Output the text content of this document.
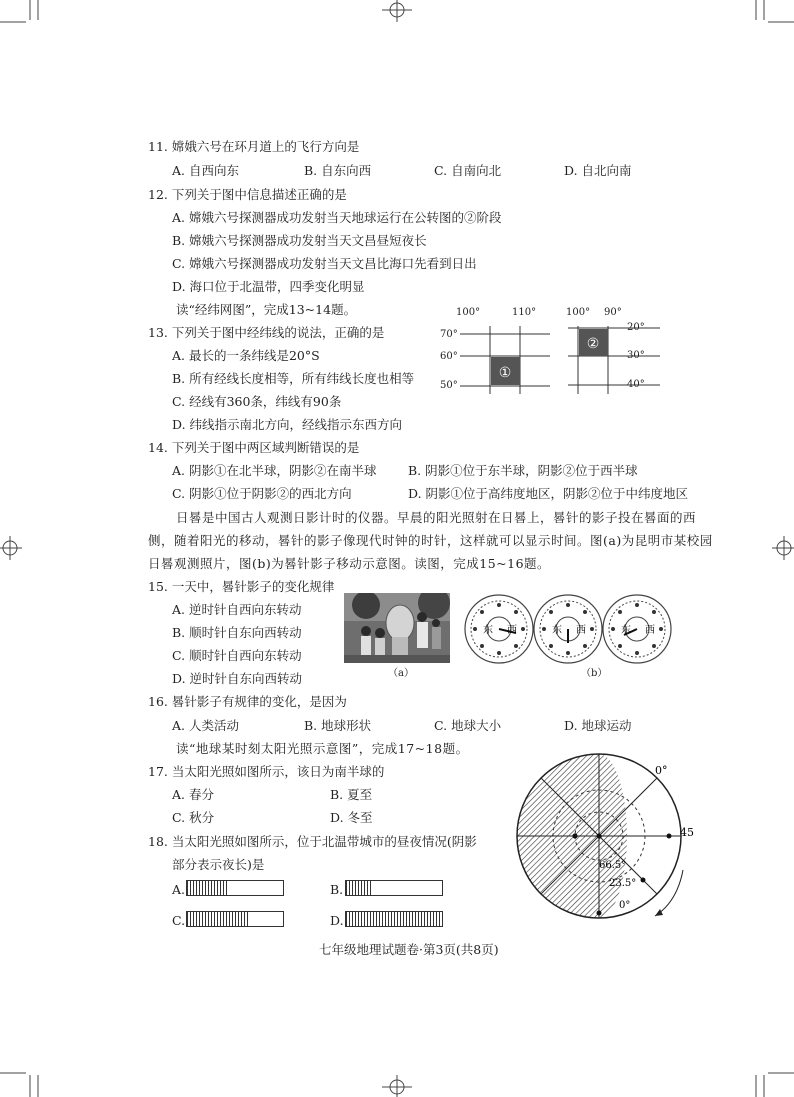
11. 嫦娥六号在环月道上的飞行方向是
A. 自西向东	B. 自东向西	C. 自南向北	D. 自北向南
12. 下列关于图中信息描述正确的是
A. 嫦娥六号探测器成功发射当天地球运行在公转图的②阶段
B. 嫦娥六号探测器成功发射当天文昌昼短夜长
C. 嫦娥六号探测器成功发射当天文昌比海口先看到日出
D. 海口位于北温带，四季变化明显
读“经纬网图”，完成13~14题。
13. 下列关于图中经纬线的说法，正确的是
A. 最长的一条纬线是20°S
B. 所有经线长度相等，所有纬线长度也相等
C. 经线有360条，纬线有90条
D. 纬线指示南北方向，经线指示东西方向
①
②
100°	110°
70°
60°
50°
100° 90°
20°
30°
40°
14. 下列关于图中两区域判断错误的是
A. 阴影①在北半球，阴影②在南半球	B. 阴影①位于东半球，阴影②位于西半球
C. 阴影①位于阴影②的西北方向	D. 阴影①位于高纬度地区，阴影②位于中纬度地区
日晷是中国古人观测日影计时的仪器。早晨的阳光照射在日晷上，晷针的影子投在晷面的西
侧，随着阳光的移动，晷针的影子像现代时钟的时针，这样就可以显示时间。图(a)为昆明市某校园
日晷观测照片，图(b)为晷针影子移动示意图。读图，完成15~16题。
15. 一天中，晷针影子的变化规律
A. 逆时针自西向东转动
B. 顺时针自东向西转动
C. 顺时针自西向东转动
D. 逆时针自东向西转动	（a）
东 西	东 西	东 西
（b）
16. 晷针影子有规律的变化，是因为
A. 人类活动	B. 地球形状	C. 地球大小	D. 地球运动
读“地球某时刻太阳光照示意图”，完成17~18题。
17. 当太阳光照如图所示，该日为南半球的
A. 春分	B. 夏至
C. 秋分	D. 冬至
18. 当太阳光照如图所示，位于北温带城市的昼夜情况(阴影
部分表示夜长)是
A.	B.
C.	D.
0°
45
66.5°
23.5°
0°
七年级地理试题卷·第3页(共8页)
